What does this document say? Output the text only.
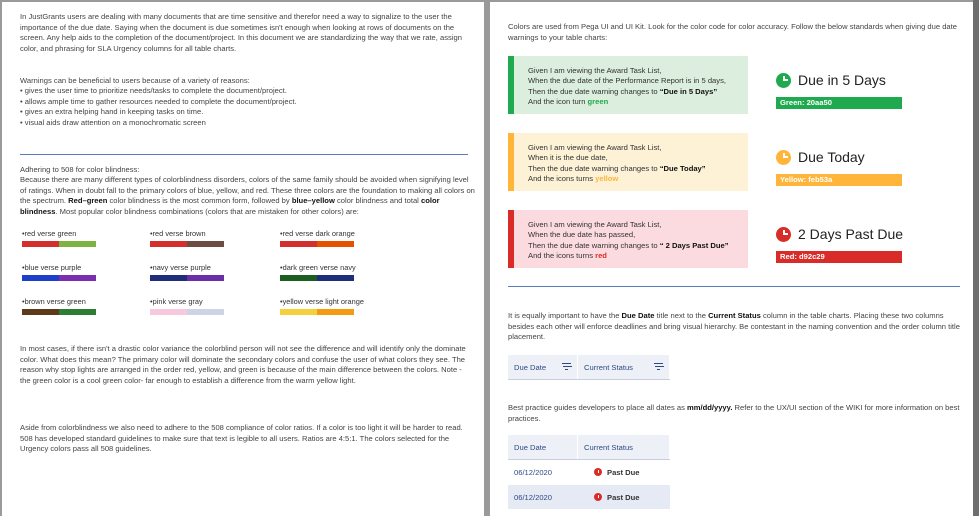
In JustGrants users are dealing with many documents that are time sensitive and therefor need a way to signalize to the user the importance of the due date. Saying when the document is due sometimes isn't enough when looking at rows of documents on the screen. Any help aids to the completion of the document/project. In this document we are standardizing the way that we rate, assign color, and phrasing for SLA Urgency columns for all table charts.
Warnings can be beneficial to users because of a variety of reasons:
• gives the user time to prioritize needs/tasks to complete the document/project.
• allows ample time to gather resources needed to complete the document/project.
• gives an extra helping hand in keeping tasks on time.
• visual aids draw attention on a monochromatic screen
Adhering to 508 for color blindness:
Because there are many different types of colorblindness disorders, colors of the same family should be avoided when signifying level of ratings. When in doubt fall to the primary colors of blue, yellow, and red. These three colors are the foundation to making all colors on the spectrum. Red–green color blindness is the most common form, followed by blue–yellow color blindness and total color blindness. Most popular color blindness combinations (colors that are mistaken for other colors) are:
•red verse green	•red verse brown	•red verse dark orange
•blue verse purple	•navy verse purple	•dark green verse navy
•brown verse green	•pink verse gray	•yellow verse light orange
In most cases, if there isn't a drastic color variance the colorblind person will not see the difference and will identify only the dominate color. What does this mean? The primary color will dominate the secondary colors and confuse the user of what colors they see. The reason why stop lights are arranged in the order red, yellow, and green is because of the main difference between the colors. Note - the green color is a cool green color- far enough to establish a difference from the warm yellow light.
Aside from colorblindness we also need to adhere to the 508 compliance of color ratios. If a color is too light it will be harder to read. 508 has developed standard guidelines to make sure that text is legible to all users. Ratios are 4:5:1. The colors selected for the Urgency colors pass all 508 guidelines.
Colors are used from Pega UI and UI Kit. Look for the color code for color accuracy. Follow the below standards when giving due date warnings to your table charts:
Given I am viewing the Award Task List,
When the due date of the Performance Report is in 5 days,
Then the due date warning changes to “Due in 5 Days”
And the icon turn green
Due in 5 Days
Green: 20aa50
Given I am viewing the Award Task List,
When it is the due date,
Then the due date warning changes to “Due Today”
And the icons turns yellow
Due Today
Yellow: feb53a
Given I am viewing the Award Task List,
When the due date has passed,
Then the due date warning changes to “ 2 Days Past Due”
And the icons turns red
2 Days Past Due
Red: d92c29
It is equally important to have the Due Date title next to the Current Status column in the table charts. Placing these two columns besides each other will enforce deadlines and bring visual hierarchy. Be contestant in the naming convention and the order column title placement.
Due Date	Current Status
Best practice guides developers to place all dates as mm/dd/yyyy. Refer to the UX/UI section of the WIKI for more information on best practices.
Due Date	Current Status
06/12/2020	Past Due
06/12/2020	Past Due
